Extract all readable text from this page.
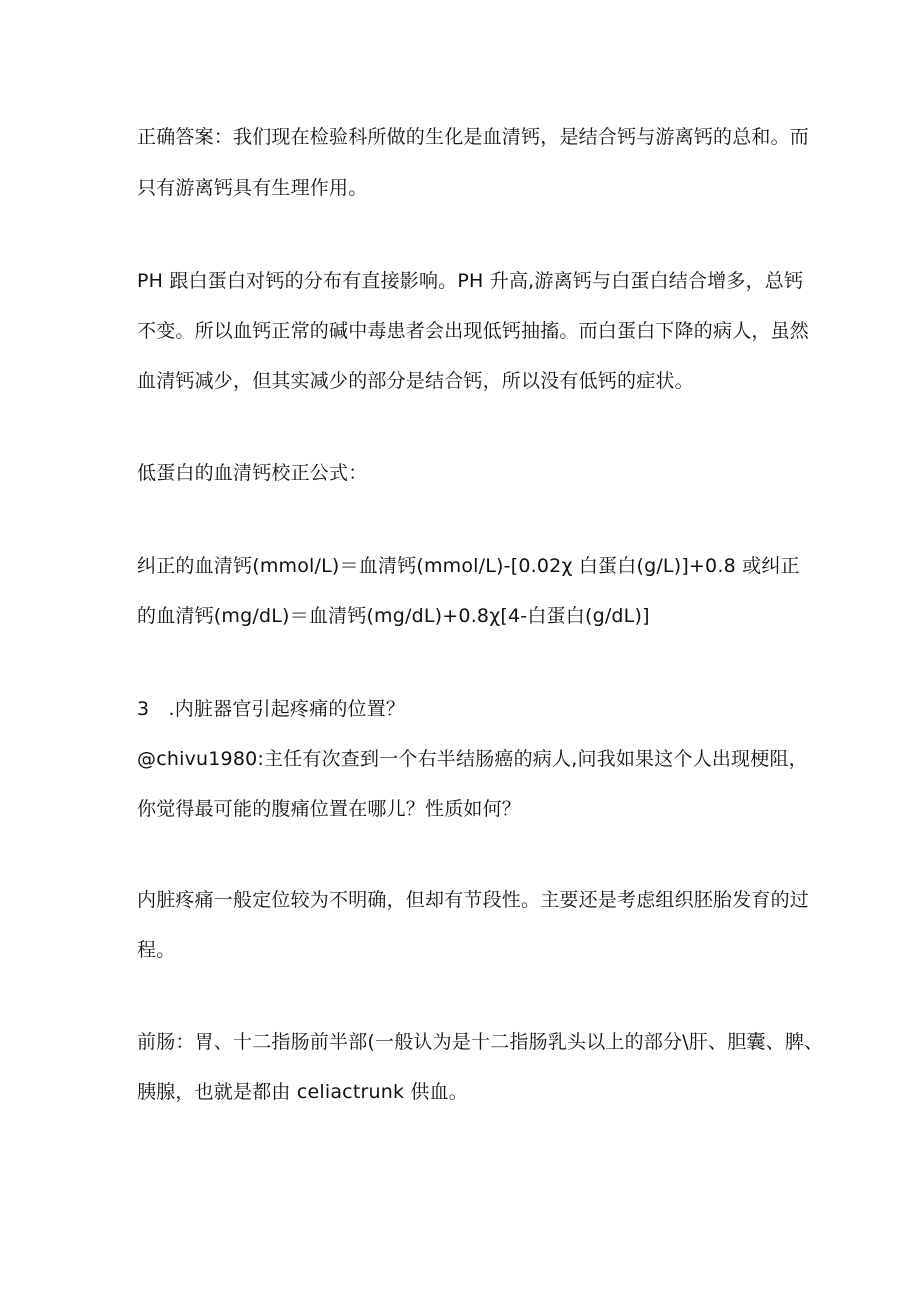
正确答案：我们现在检验科所做的生化是血清钙，是结合钙与游离钙的总和。而
只有游离钙具有生理作用。
PH 跟白蛋白对钙的分布有直接影响。PH 升高,游离钙与白蛋白结合增多，总钙
不变。所以血钙正常的碱中毒患者会出现低钙抽搐。而白蛋白下降的病人，虽然
血清钙减少，但其实减少的部分是结合钙，所以没有低钙的症状。
低蛋白的血清钙校正公式：
纠正的血清钙(mmol/L)＝血清钙(mmol/L)-[0.02χ 白蛋白(g/L)]+0.8 或纠正
的血清钙(mg/dL)＝血清钙(mg/dL)+0.8χ[4-白蛋白(g∕dL)]
3　.内脏器官引起疼痛的位置？
@chivu1980:主任有次查到一个右半结肠癌的病人,问我如果这个人出现梗阻，
你觉得最可能的腹痛位置在哪儿？性质如何？
内脏疼痛一般定位较为不明确，但却有节段性。主要还是考虑组织胚胎发育的过
程。
前肠：胃、十二指肠前半部(一般认为是十二指肠乳头以上的部分\肝、胆囊、脾、
胰腺，也就是都由 celiactrunk 供血。
